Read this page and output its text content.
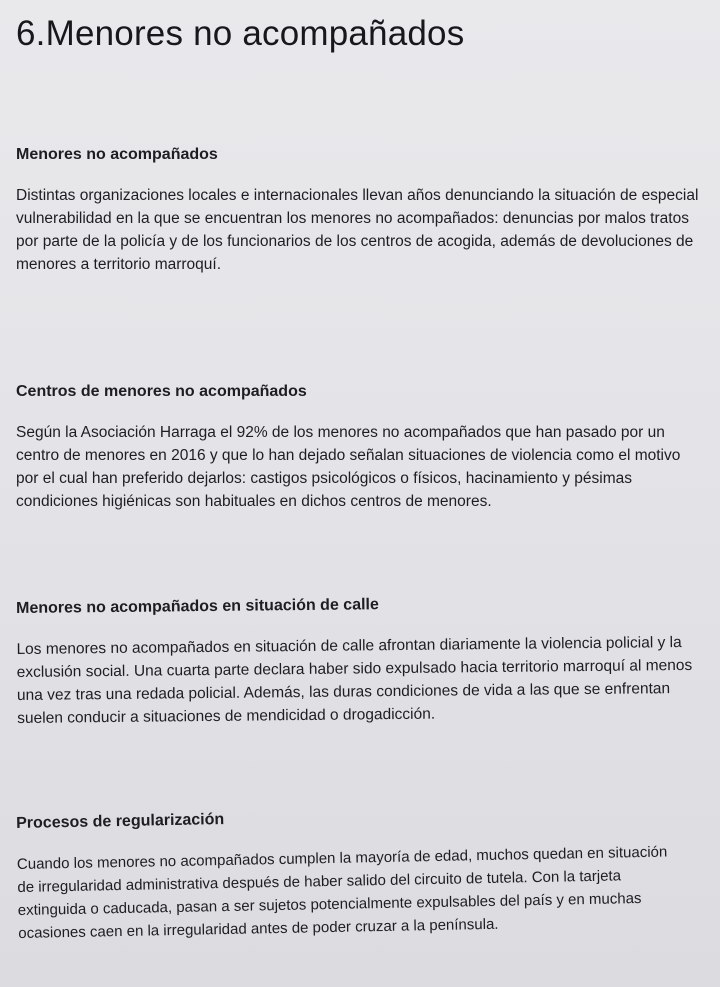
6.Menores no acompañados
Menores no acompañados

Distintas organizaciones locales e internacionales llevan años denunciando la situación de especial vulnerabilidad en la que se encuentran los menores no acompañados: denuncias por malos tratos por parte de la policía y de los funcionarios de los centros de acogida, además de devoluciones de menores a territorio marroquí.

Centros de menores no acompañados

Según la Asociación Harraga el 92% de los menores no acompañados que han pasado por un centro de menores en 2016 y que lo han dejado señalan situaciones de violencia como el motivo por el cual han preferido dejarlos: castigos psicológicos o físicos, hacinamiento y pésimas condiciones higiénicas son habituales en dichos centros de menores.

Menores no acompañados en situación de calle

Los menores no acompañados en situación de calle afrontan diariamente la violencia policial y la exclusión social. Una cuarta parte declara haber sido expulsado hacia territorio marroquí al menos una vez tras una redada policial. Además, las duras condiciones de vida a las que se enfrentan suelen conducir a situaciones de mendicidad o drogadicción.

Procesos de regularización

Cuando los menores no acompañados cumplen la mayoría de edad, muchos quedan en situación de irregularidad administrativa después de haber salido del circuito de tutela. Con la tarjeta extinguida o caducada, pasan a ser sujetos potencialmente expulsables del país y en muchas ocasiones caen en la irregularidad antes de poder cruzar a la península.
